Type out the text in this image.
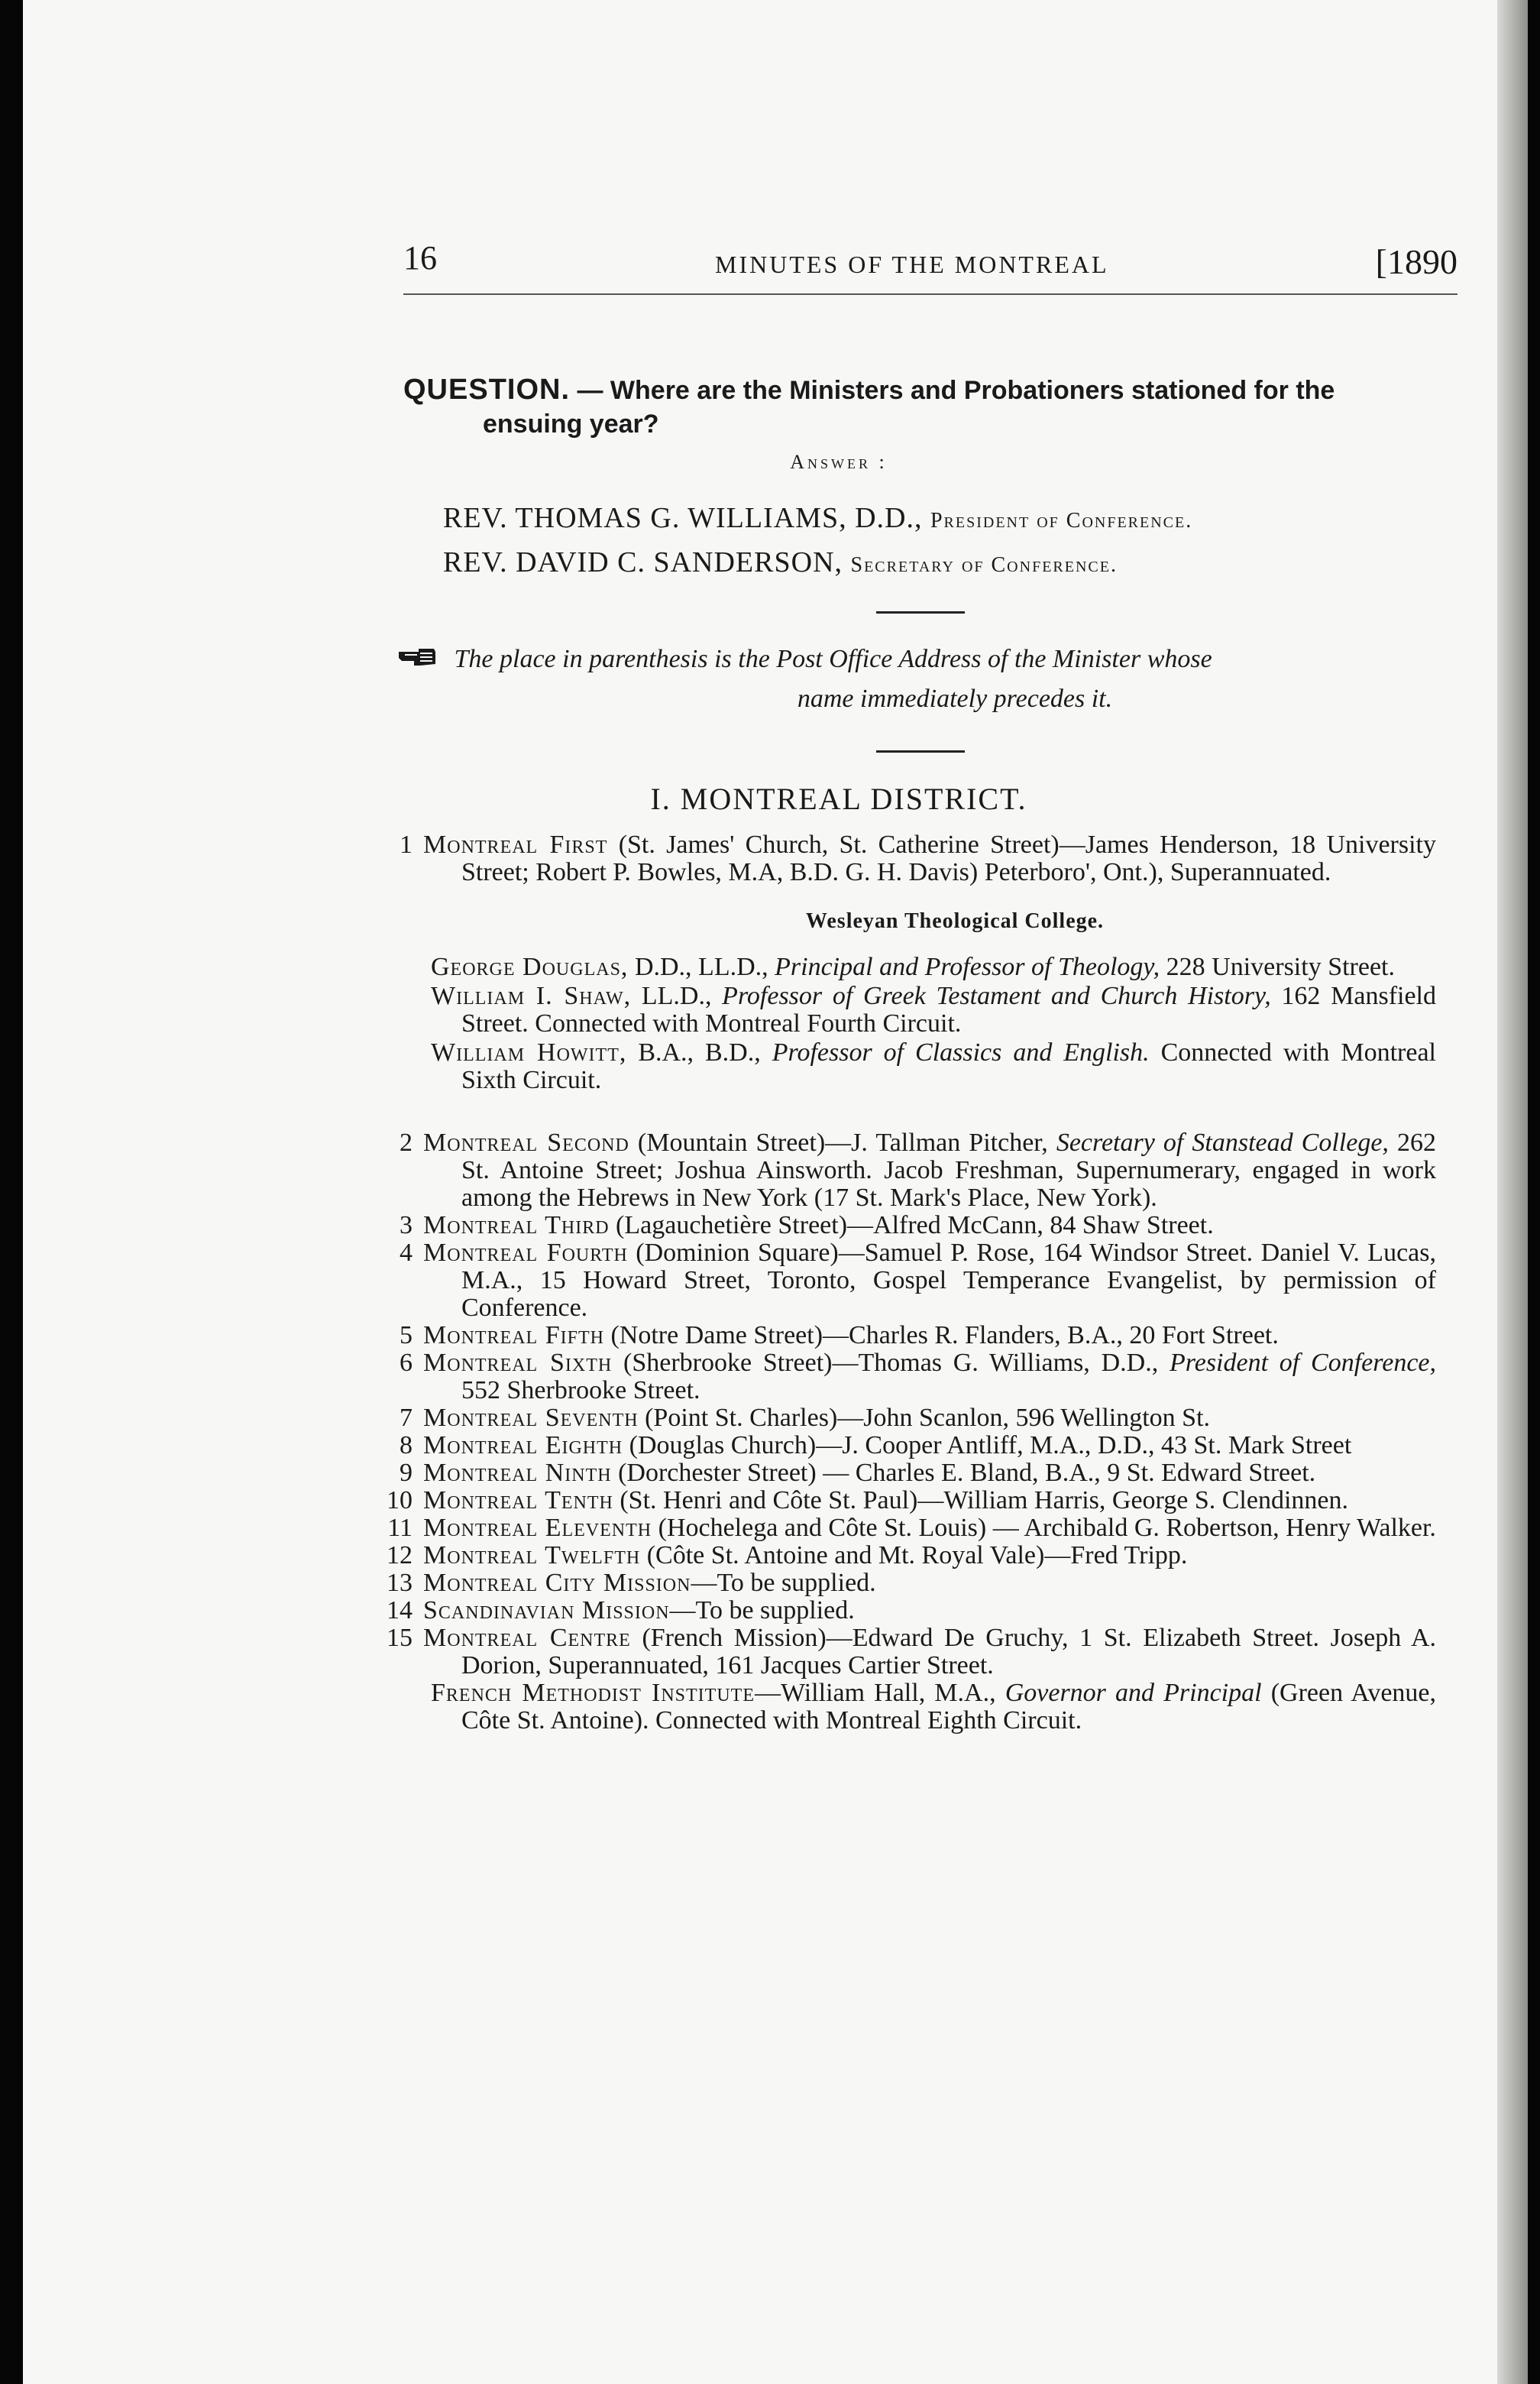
16	MINUTES OF THE MONTREAL	[1890
QUESTION. — Where are the Ministers and Probationers stationed for the
ensuing year?
Answer :
REV. THOMAS G. WILLIAMS, D.D., President of Conference.
REV. DAVID C. SANDERSON, Secretary of Conference.
The place in parenthesis is the Post Office Address of the Minister whose
name immediately precedes it.
I. MONTREAL DISTRICT.

1 Montreal First (St. James' Church, St. Catherine Street)—James Henderson, 18 University Street; Robert P. Bowles, M.A, B.D. G. H. Davis) Peterboro', Ont.), Superannuated.

Wesleyan Theological College.

George Douglas, D.D., LL.D., Principal and Professor of Theology, 228 University Street.

William I. Shaw, LL.D., Professor of Greek Testament and Church History, 162 Mansfield Street. Connected with Montreal Fourth Circuit.

William Howitt, B.A., B.D., Professor of Classics and English. Connected with Montreal Sixth Circuit.

2 Montreal Second (Mountain Street)—J. Tallman Pitcher, Secretary of Stanstead College, 262 St. Antoine Street; Joshua Ainsworth. Jacob Freshman, Supernumerary, engaged in work among the Hebrews in New York (17 St. Mark's Place, New York).

3 Montreal Third (Lagauchetière Street)—Alfred McCann, 84 Shaw Street.

4 Montreal Fourth (Dominion Square)—Samuel P. Rose, 164 Windsor Street. Daniel V. Lucas, M.A., 15 Howard Street, Toronto, Gospel Temperance Evangelist, by permission of Conference.

5 Montreal Fifth (Notre Dame Street)—Charles R. Flanders, B.A., 20 Fort Street.

6 Montreal Sixth (Sherbrooke Street)—Thomas G. Williams, D.D., President of Conference, 552 Sherbrooke Street.

7 Montreal Seventh (Point St. Charles)—John Scanlon, 596 Wellington St.

8 Montreal Eighth (Douglas Church)—J. Cooper Antliff, M.A., D.D., 43 St. Mark Street

9 Montreal Ninth (Dorchester Street) — Charles E. Bland, B.A., 9 St. Edward Street.

10 Montreal Tenth (St. Henri and Côte St. Paul)—William Harris, George S. Clendinnen.

11 Montreal Eleventh (Hochelega and Côte St. Louis) — Archibald G. Robertson, Henry Walker.

12 Montreal Twelfth (Côte St. Antoine and Mt. Royal Vale)—Fred Tripp.

13 Montreal City Mission—To be supplied.

14 Scandinavian Mission—To be supplied.

15 Montreal Centre (French Mission)—Edward De Gruchy, 1 St. Elizabeth Street. Joseph A. Dorion, Superannuated, 161 Jacques Cartier Street.

French Methodist Institute—William Hall, M.A., Governor and Principal (Green Avenue, Côte St. Antoine). Connected with Montreal Eighth Circuit.
